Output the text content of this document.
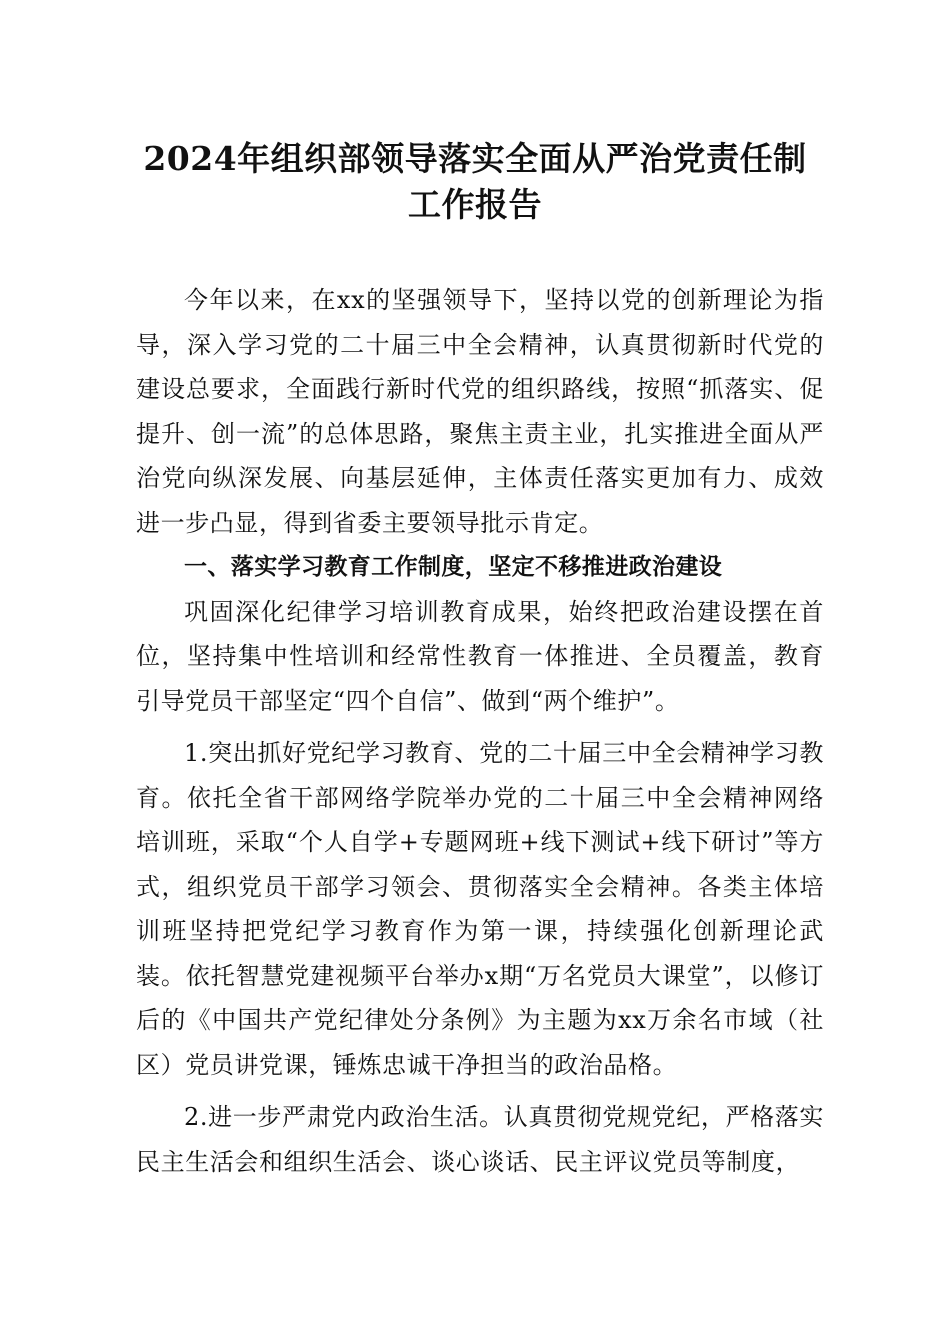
2024年组织部领导落实全面从严治党责任制
工作报告

今年以来，在xx的坚强领导下，坚持以党的创新理论为指导，深入学习党的二十届三中全会精神，认真贯彻新时代党的建设总要求，全面践行新时代党的组织路线，按照“抓落实、促提升、创一流”的总体思路，聚焦主责主业，扎实推进全面从严治党向纵深发展、向基层延伸，主体责任落实更加有力、成效进一步凸显，得到省委主要领导批示肯定。

一、落实学习教育工作制度，坚定不移推进政治建设

巩固深化纪律学习培训教育成果，始终把政治建设摆在首位，坚持集中性培训和经常性教育一体推进、全员覆盖，教育引导党员干部坚定“四个自信”、做到“两个维护”。

1.突出抓好党纪学习教育、党的二十届三中全会精神学习教育。依托全省干部网络学院举办党的二十届三中全会精神网络培训班，采取“个人自学+专题网班+线下测试+线下研讨”等方式，组织党员干部学习领会、贯彻落实全会精神。各类主体培训班坚持把党纪学习教育作为第一课，持续强化创新理论武装。依托智慧党建视频平台举办x期“万名党员大课堂”，以修订后的《中国共产党纪律处分条例》为主题为xx万余名市域（社区）党员讲党课，锤炼忠诚干净担当的政治品格。

2.进一步严肃党内政治生活。认真贯彻党规党纪，严格落实民主生活会和组织生活会、谈心谈话、民主评议党员等制度，
